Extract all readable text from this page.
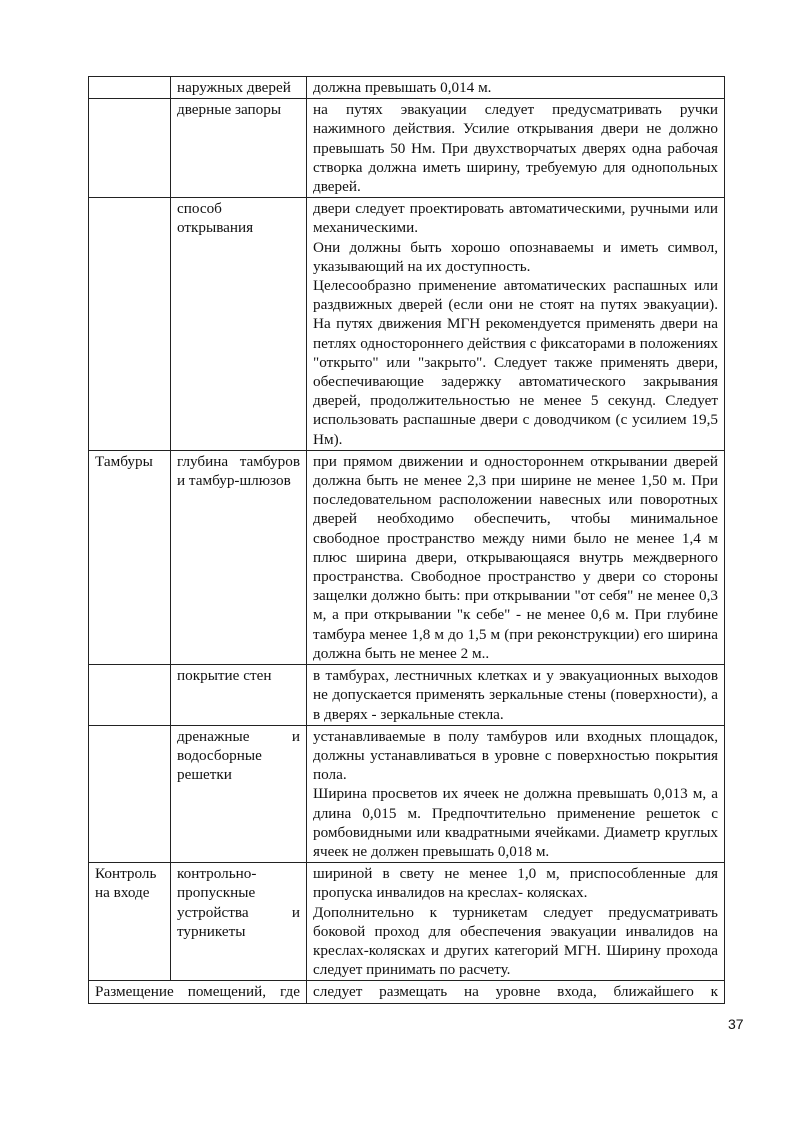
	наружных дверей	должна превышать 0,014 м.

	дверные запоры	на путях эвакуации следует предусматривать ручки нажимного действия. Усилие открывания двери не должно превышать 50 Нм. При двухстворчатых дверях одна рабочая створка должна иметь ширину, требуемую для однопольных дверей.

	способ открывания	двери следует проектировать автоматическими, ручными или механическими.

Они должны быть хорошо опознаваемы и иметь символ, указывающий на их доступность.

Целесообразно применение автоматических распашных или раздвижных дверей (если они не стоят на путях эвакуации). На путях движения МГН рекомендуется применять двери на петлях одностороннего действия с фиксаторами в положениях "открыто" или "закрыто". Следует также применять двери, обеспечивающие задержку автоматического закрывания дверей, продолжительностью не менее 5 секунд. Следует использовать распашные двери с доводчиком (с усилием 19,5 Нм).

Тамбуры	глубина тамбуров и тамбур-шлюзов	при прямом движении и одностороннем открывании дверей должна быть не менее 2,3 при ширине не менее 1,50 м. При последовательном расположении навесных или поворотных дверей необходимо обеспечить, чтобы минимальное свободное пространство между ними было не менее 1,4 м плюс ширина двери, открывающаяся внутрь междверного пространства. Свободное пространство у двери со стороны защелки должно быть: при открывании "от себя" не менее 0,3 м, а при открывании "к себе" - не менее 0,6 м. При глубине тамбура менее 1,8 м до 1,5 м (при реконструкции) его ширина должна быть не менее 2 м..

	покрытие стен	в тамбурах, лестничных клетках и у эвакуационных выходов не допускается применять зеркальные стены (поверхности), а в дверях - зеркальные стекла.

	дренажные и водосборные решетки	устанавливаемые в полу тамбуров или входных площадок, должны устанавливаться в уровне с поверхностью покрытия пола.

Ширина просветов их ячеек не должна превышать 0,013 м, а длина 0,015 м. Предпочтительно применение решеток с ромбовидными или квадратными ячейками. Диаметр круглых ячеек не должен превышать 0,018 м.

Контроль на входе	контрольно-пропускные устройства и турникеты	шириной в свету не менее 1,0 м, приспособленные для пропуска инвалидов на креслах- колясках.

Дополнительно к турникетам следует предусматривать боковой проход для обеспечения эвакуации инвалидов на креслах-колясках и других категорий МГН. Ширину прохода следует принимать по расчету.

Размещение помещений, где		следует размещать на уровне входа, ближайшего к
37
